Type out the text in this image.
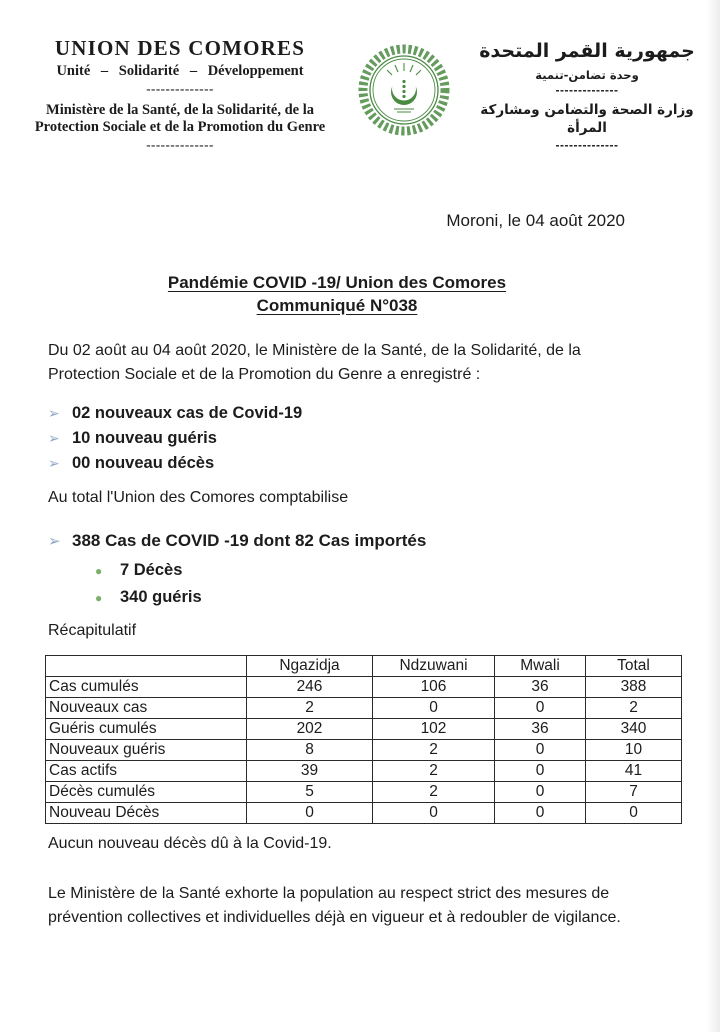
UNION DES COMORES
Unité – Solidarité – Développement
--------------
Ministère de la Santé, de la Solidarité, de la
Protection Sociale et de la Promotion du Genre
--------------
جمهورية القمر المتحدة
وحدة تضامن-تنمية
--------------
وزارة الصحة والتضامن ومشاركة المرأة
--------------
Moroni, le 04 août 2020
Pandémie COVID -19/ Union des Comores
Communiqué N°038

Du 02 août au 04 août 2020, le Ministère de la Santé, de la Solidarité, de la Protection Sociale et de la Promotion du Genre a enregistré :

➢ 02 nouveaux cas de Covid-19
➢ 10 nouveau guéris
➢ 00 nouveau décès

Au total l'Union des Comores comptabilise

➢ 388 Cas de COVID -19 dont 82 Cas importés
●	7 Décès
●	340 guéris

Récapitulatif

	Ngazidja	Ndzuwani	Mwali	Total
Cas cumulés	246	106	36	388
Nouveaux cas	2	0	0	2
Guéris cumulés	202	102	36	340
Nouveaux guéris	8	2	0	10
Cas actifs	39	2	0	41
Décès cumulés	5	2	0	7
Nouveau Décès	0	0	0	0

Aucun nouveau décès dû à la Covid-19.

Le Ministère de la Santé exhorte la population au respect strict des mesures de prévention collectives et individuelles déjà en vigueur et à redoubler de vigilance.
